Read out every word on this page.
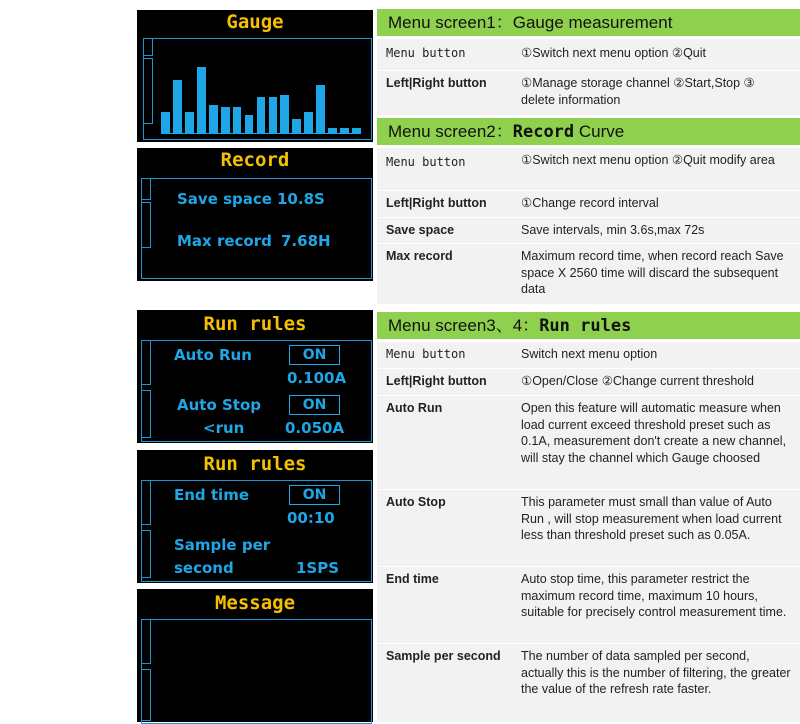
Gauge
Record
Save space 10.8S
Max record 7.68H
Run rules
Auto Run	ON
0.100A
Auto Stop	ON
<run	0.050A
Run rules
End time	ON
00:10
Sample per
second	1SPS
Message
Menu screen1：Gauge measurement
Menu button	①Switch next menu option ②Quit
Left|Right button	①Manage storage channel ②Start,Stop ③ delete information
Menu screen2：Record Curve
Menu button	①Switch next menu option ②Quit modify area
Left|Right button	①Change record interval
Save space	Save intervals, min 3.6s,max 72s
Max record	Maximum record time, when record reach Save space X 2560 time will discard the subsequent data
Menu screen3、4：Run rules
Menu button	Switch next menu option
Left|Right button	①Open/Close ②Change current threshold
Auto Run	Open this feature will automatic measure when load current exceed threshold preset such as 0.1A, measurement don't create a new channel, will stay the channel which Gauge choosed
Auto Stop	This parameter must small than value of Auto Run , will stop measurement when load current less than threshold preset such as 0.05A.
End time	Auto stop time, this parameter restrict the maximum record time, maximum 10 hours, suitable for precisely control measurement time.
Sample per second	The number of data sampled per second, actually this is the number of filtering, the greater the value of the refresh rate faster.
